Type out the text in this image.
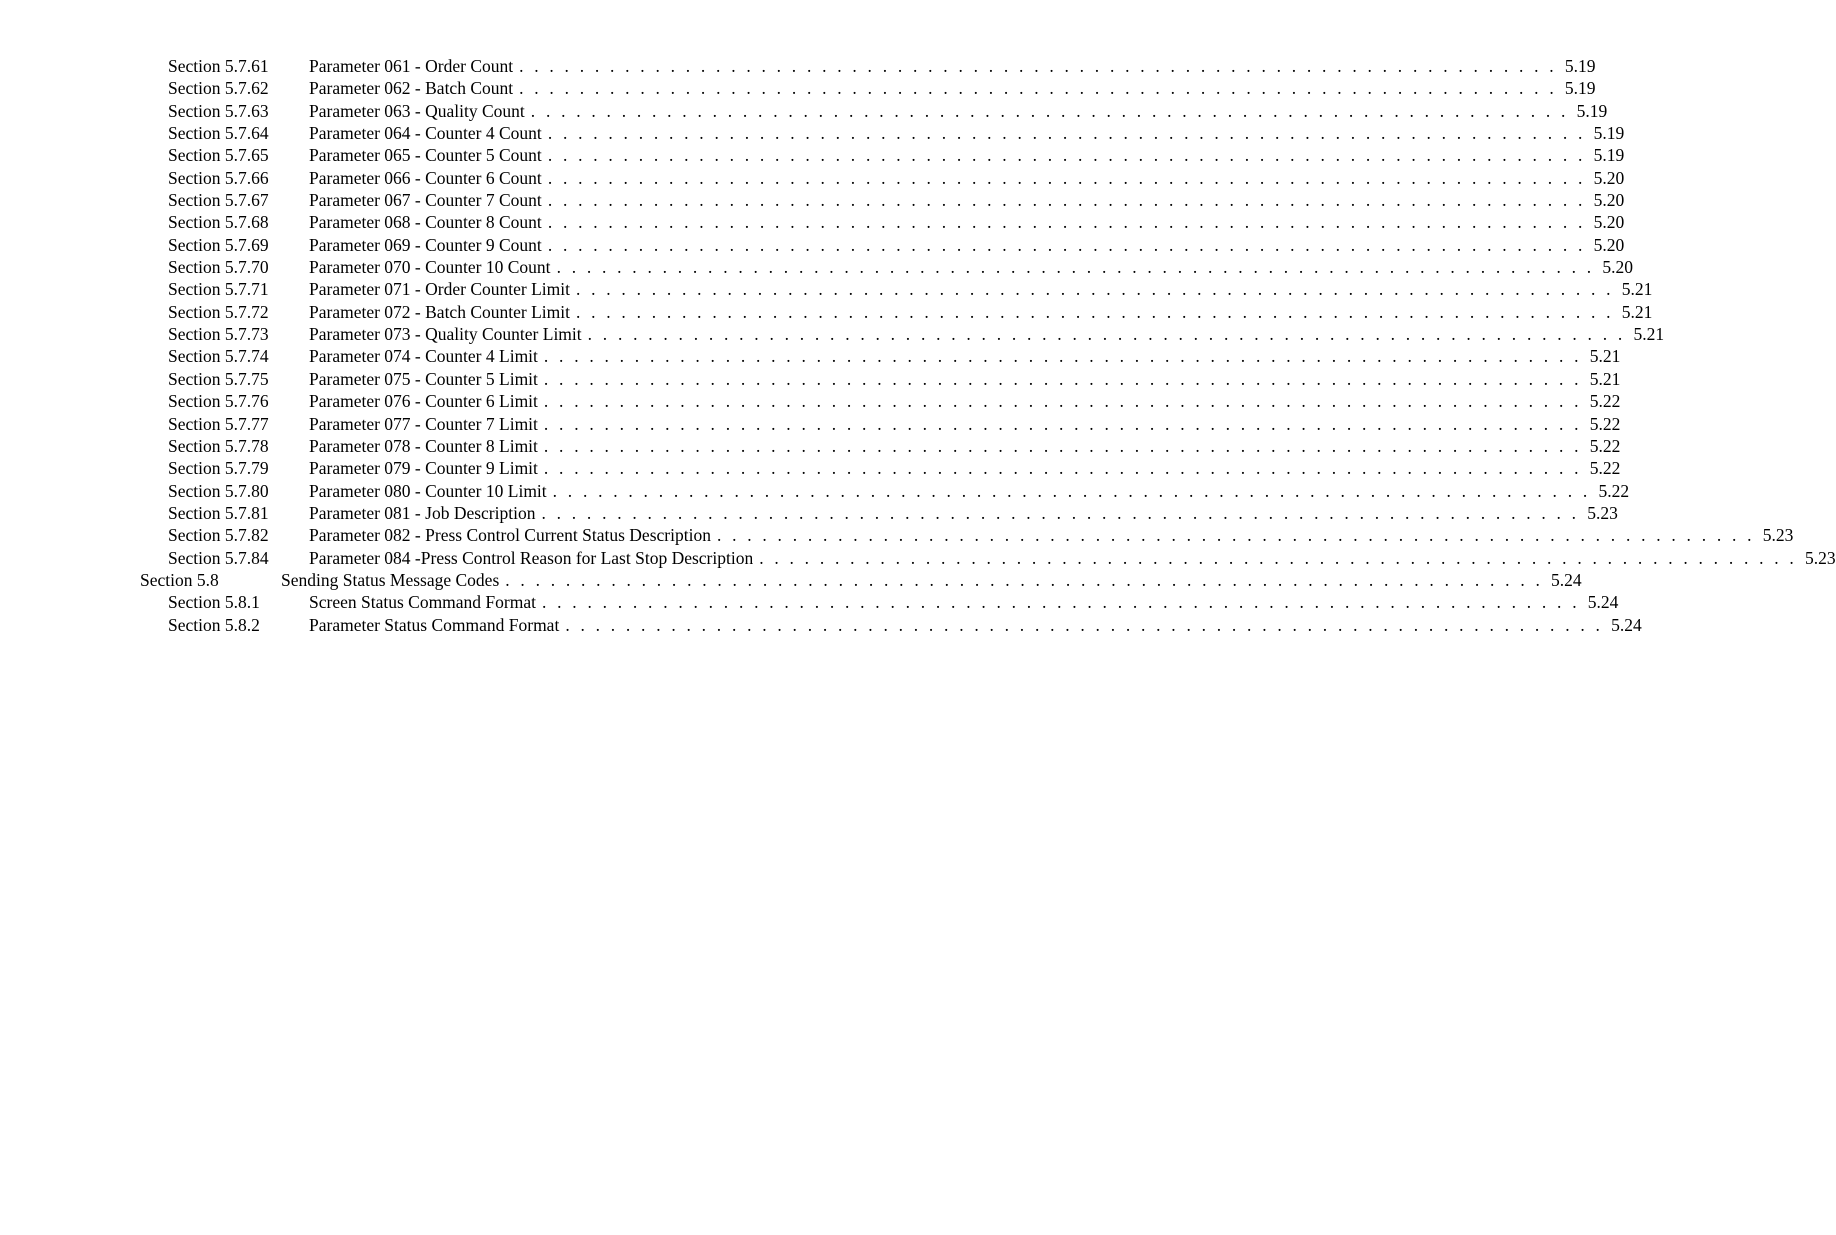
Section 5.7.61 Parameter 061 - Order Count . . . . . . . . . . . . . . . . . . . . . . . . . . . . . . . . . . . . . . . . . . . . . . . . . . . . . . . . . . . . . . . . . . . . . 5.19
Section 5.7.62 Parameter 062 - Batch Count . . . . . . . . . . . . . . . . . . . . . . . . . . . . . . . . . . . . . . . . . . . . . . . . . . . . . . . . . . . . . . . . . . . . . 5.19
Section 5.7.63 Parameter 063 - Quality Count . . . . . . . . . . . . . . . . . . . . . . . . . . . . . . . . . . . . . . . . . . . . . . . . . . . . . . . . . . . . . . . . . . . . . 5.19
Section 5.7.64 Parameter 064 - Counter 4 Count . . . . . . . . . . . . . . . . . . . . . . . . . . . . . . . . . . . . . . . . . . . . . . . . . . . . . . . . . . . . . . . . . . . . . 5.19
Section 5.7.65 Parameter 065 - Counter 5 Count . . . . . . . . . . . . . . . . . . . . . . . . . . . . . . . . . . . . . . . . . . . . . . . . . . . . . . . . . . . . . . . . . . . . . 5.19
Section 5.7.66 Parameter 066 - Counter 6 Count . . . . . . . . . . . . . . . . . . . . . . . . . . . . . . . . . . . . . . . . . . . . . . . . . . . . . . . . . . . . . . . . . . . . . 5.20
Section 5.7.67 Parameter 067 - Counter 7 Count . . . . . . . . . . . . . . . . . . . . . . . . . . . . . . . . . . . . . . . . . . . . . . . . . . . . . . . . . . . . . . . . . . . . . 5.20
Section 5.7.68 Parameter 068 - Counter 8 Count . . . . . . . . . . . . . . . . . . . . . . . . . . . . . . . . . . . . . . . . . . . . . . . . . . . . . . . . . . . . . . . . . . . . . 5.20
Section 5.7.69 Parameter 069 - Counter 9 Count . . . . . . . . . . . . . . . . . . . . . . . . . . . . . . . . . . . . . . . . . . . . . . . . . . . . . . . . . . . . . . . . . . . . . 5.20
Section 5.7.70 Parameter 070 - Counter 10 Count . . . . . . . . . . . . . . . . . . . . . . . . . . . . . . . . . . . . . . . . . . . . . . . . . . . . . . . . . . . . . . . . . . . . . 5.20
Section 5.7.71 Parameter 071 - Order Counter Limit . . . . . . . . . . . . . . . . . . . . . . . . . . . . . . . . . . . . . . . . . . . . . . . . . . . . . . . . . . . . . . . . . . . . . 5.21
Section 5.7.72 Parameter 072 - Batch Counter Limit . . . . . . . . . . . . . . . . . . . . . . . . . . . . . . . . . . . . . . . . . . . . . . . . . . . . . . . . . . . . . . . . . . . . . 5.21
Section 5.7.73 Parameter 073 - Quality Counter Limit . . . . . . . . . . . . . . . . . . . . . . . . . . . . . . . . . . . . . . . . . . . . . . . . . . . . . . . . . . . . . . . . . . . . . 5.21
Section 5.7.74 Parameter 074 - Counter 4 Limit . . . . . . . . . . . . . . . . . . . . . . . . . . . . . . . . . . . . . . . . . . . . . . . . . . . . . . . . . . . . . . . . . . . . . 5.21
Section 5.7.75 Parameter 075 - Counter 5 Limit . . . . . . . . . . . . . . . . . . . . . . . . . . . . . . . . . . . . . . . . . . . . . . . . . . . . . . . . . . . . . . . . . . . . . 5.21
Section 5.7.76 Parameter 076 - Counter 6 Limit . . . . . . . . . . . . . . . . . . . . . . . . . . . . . . . . . . . . . . . . . . . . . . . . . . . . . . . . . . . . . . . . . . . . . 5.22
Section 5.7.77 Parameter 077 - Counter 7 Limit . . . . . . . . . . . . . . . . . . . . . . . . . . . . . . . . . . . . . . . . . . . . . . . . . . . . . . . . . . . . . . . . . . . . . 5.22
Section 5.7.78 Parameter 078 - Counter 8 Limit . . . . . . . . . . . . . . . . . . . . . . . . . . . . . . . . . . . . . . . . . . . . . . . . . . . . . . . . . . . . . . . . . . . . . 5.22
Section 5.7.79 Parameter 079 - Counter 9 Limit . . . . . . . . . . . . . . . . . . . . . . . . . . . . . . . . . . . . . . . . . . . . . . . . . . . . . . . . . . . . . . . . . . . . . 5.22
Section 5.7.80 Parameter 080 - Counter 10 Limit . . . . . . . . . . . . . . . . . . . . . . . . . . . . . . . . . . . . . . . . . . . . . . . . . . . . . . . . . . . . . . . . . . . . . 5.22
Section 5.7.81 Parameter 081 - Job Description . . . . . . . . . . . . . . . . . . . . . . . . . . . . . . . . . . . . . . . . . . . . . . . . . . . . . . . . . . . . . . . . . . . . . 5.23
Section 5.7.82 Parameter 082 - Press Control Current Status Description . . . . . . . . . . . . . . . . . . . . . . . . . . . . . . . . . . . . . . . . . . . . . . . . . . . . . . . . . . . . . . . . . . . . . 5.23
Section 5.7.84 Parameter 084 -Press Control Reason for Last Stop Description . . . . . . . . . . . . . . . . . . . . . . . . . . . . . . . . . . . . . . . . . . . . . . . . . . . . . . . . . . . . . . . . . . . . . 5.23
Section 5.8	Sending Status Message Codes . . . . . . . . . . . . . . . . . . . . . . . . . . . . . . . . . . . . . . . . . . . . . . . . . . . . . . . . . . . . . . . . . . . . . 5.24
Section 5.8.1	Screen Status Command Format . . . . . . . . . . . . . . . . . . . . . . . . . . . . . . . . . . . . . . . . . . . . . . . . . . . . . . . . . . . . . . . . . . . . . 5.24
Section 5.8.2	Parameter Status Command Format . . . . . . . . . . . . . . . . . . . . . . . . . . . . . . . . . . . . . . . . . . . . . . . . . . . . . . . . . . . . . . . . . . . . . 5.24
